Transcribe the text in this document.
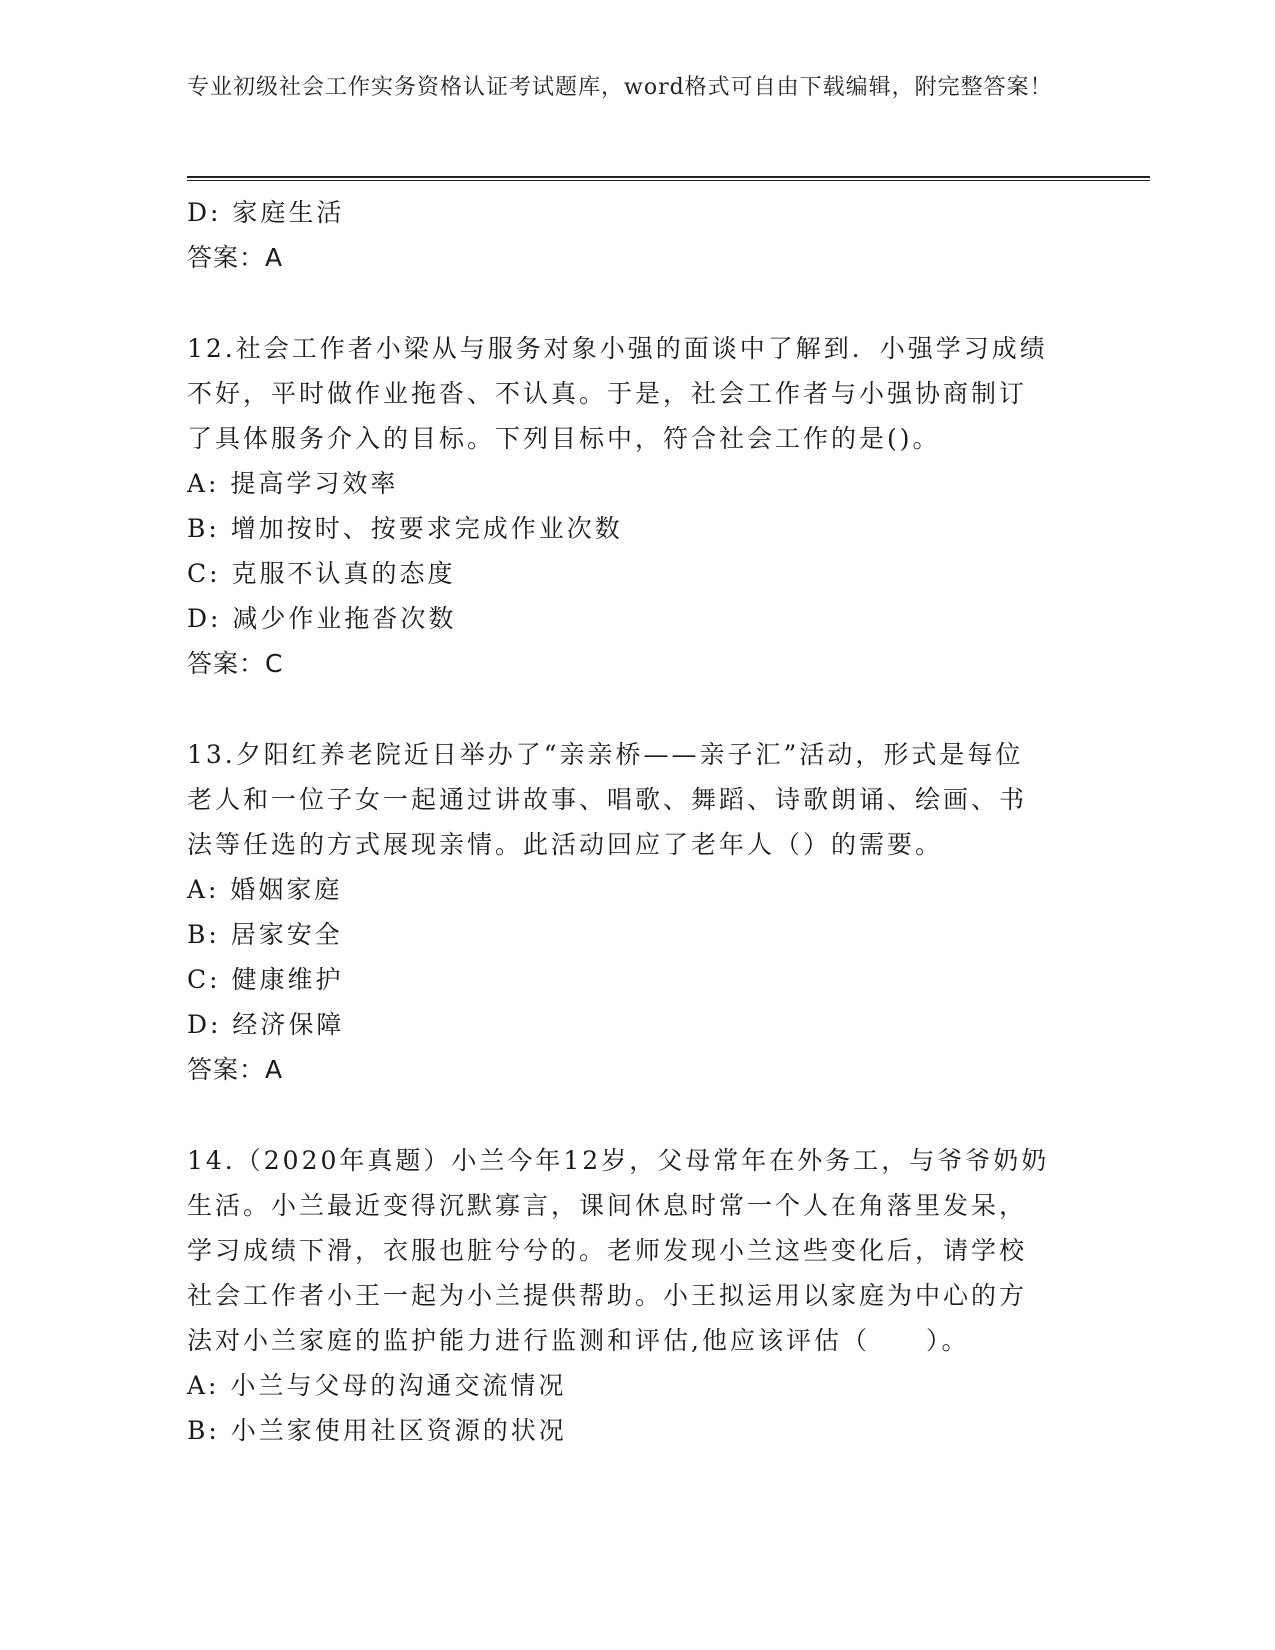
专业初级社会工作实务资格认证考试题库，word格式可自由下载编辑，附完整答案！
D: 家庭生活
答案：A
12.社会工作者小梁从与服务对象小强的面谈中了解到．小强学习成绩
不好，平时做作业拖沓、不认真。于是，社会工作者与小强协商制订
了具体服务介入的目标。下列目标中，符合社会工作的是()。
A: 提高学习效率
B: 增加按时、按要求完成作业次数
C: 克服不认真的态度
D: 减少作业拖沓次数
答案：C
13.夕阳红养老院近日举办了“亲亲桥——亲子汇”活动，形式是每位
老人和一位子女一起通过讲故事、唱歌、舞蹈、诗歌朗诵、绘画、书
法等任选的方式展现亲情。此活动回应了老年人（）的需要。
A: 婚姻家庭
B: 居家安全
C: 健康维护
D: 经济保障
答案：A
14.（2020年真题）小兰今年12岁，父母常年在外务工，与爷爷奶奶
生活。小兰最近变得沉默寡言，课间休息时常一个人在角落里发呆，
学习成绩下滑，衣服也脏兮兮的。老师发现小兰这些变化后，请学校
社会工作者小王一起为小兰提供帮助。小王拟运用以家庭为中心的方
法对小兰家庭的监护能力进行监测和评估,他应该评估（　　）。
A: 小兰与父母的沟通交流情况
B: 小兰家使用社区资源的状况
